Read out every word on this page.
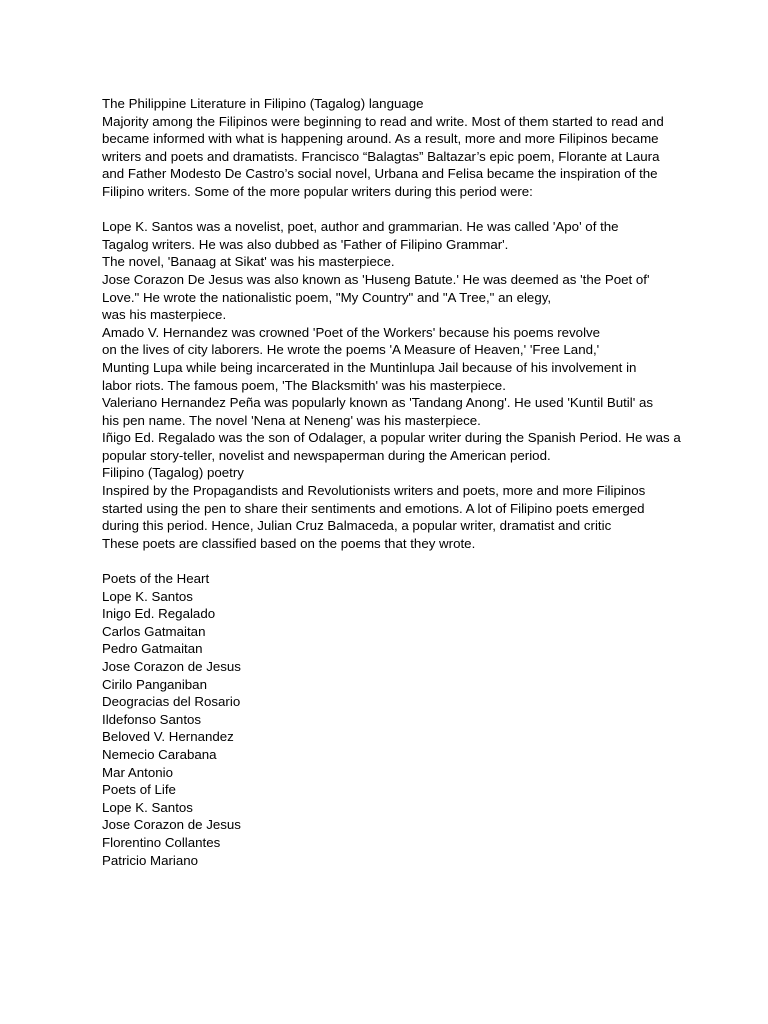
The Philippine Literature in Filipino (Tagalog) language
Majority among the Filipinos were beginning to read and write. Most of them started to read and
became informed with what is happening around. As a result, more and more Filipinos became
writers and poets and dramatists. Francisco “Balagtas” Baltazar’s epic poem, Florante at Laura
and Father Modesto De Castro’s social novel, Urbana and Felisa became the inspiration of the
Filipino writers. Some of the more popular writers during this period were:
Lope K. Santos was a novelist, poet, author and grammarian. He was called 'Apo' of the
Tagalog writers. He was also dubbed as 'Father of Filipino Grammar'.
The novel, 'Banaag at Sikat' was his masterpiece.
Jose Corazon De Jesus was also known as 'Huseng Batute.' He was deemed as 'the Poet of'
Love." He wrote the nationalistic poem, "My Country" and "A Tree," an elegy,
was his masterpiece.
Amado V. Hernandez was crowned 'Poet of the Workers' because his poems revolve
on the lives of city laborers. He wrote the poems 'A Measure of Heaven,' 'Free Land,'
Munting Lupa while being incarcerated in the Muntinlupa Jail because of his involvement in
labor riots. The famous poem, 'The Blacksmith' was his masterpiece.
Valeriano Hernandez Peña was popularly known as 'Tandang Anong'. He used 'Kuntil Butil' as
his pen name. The novel 'Nena at Neneng' was his masterpiece.
Iñigo Ed. Regalado was the son of Odalager, a popular writer during the Spanish Period. He was a
popular story-teller, novelist and newspaperman during the American period.
Filipino (Tagalog) poetry
Inspired by the Propagandists and Revolutionists writers and poets, more and more Filipinos
started using the pen to share their sentiments and emotions. A lot of Filipino poets emerged
during this period. Hence, Julian Cruz Balmaceda, a popular writer, dramatist and critic
These poets are classified based on the poems that they wrote.
Poets of the Heart
Lope K. Santos
Inigo Ed. Regalado
Carlos Gatmaitan
Pedro Gatmaitan
Jose Corazon de Jesus
Cirilo Panganiban
Deogracias del Rosario
Ildefonso Santos
Beloved V. Hernandez
Nemecio Carabana
Mar Antonio
Poets of Life
Lope K. Santos
Jose Corazon de Jesus
Florentino Collantes
Patricio Mariano
